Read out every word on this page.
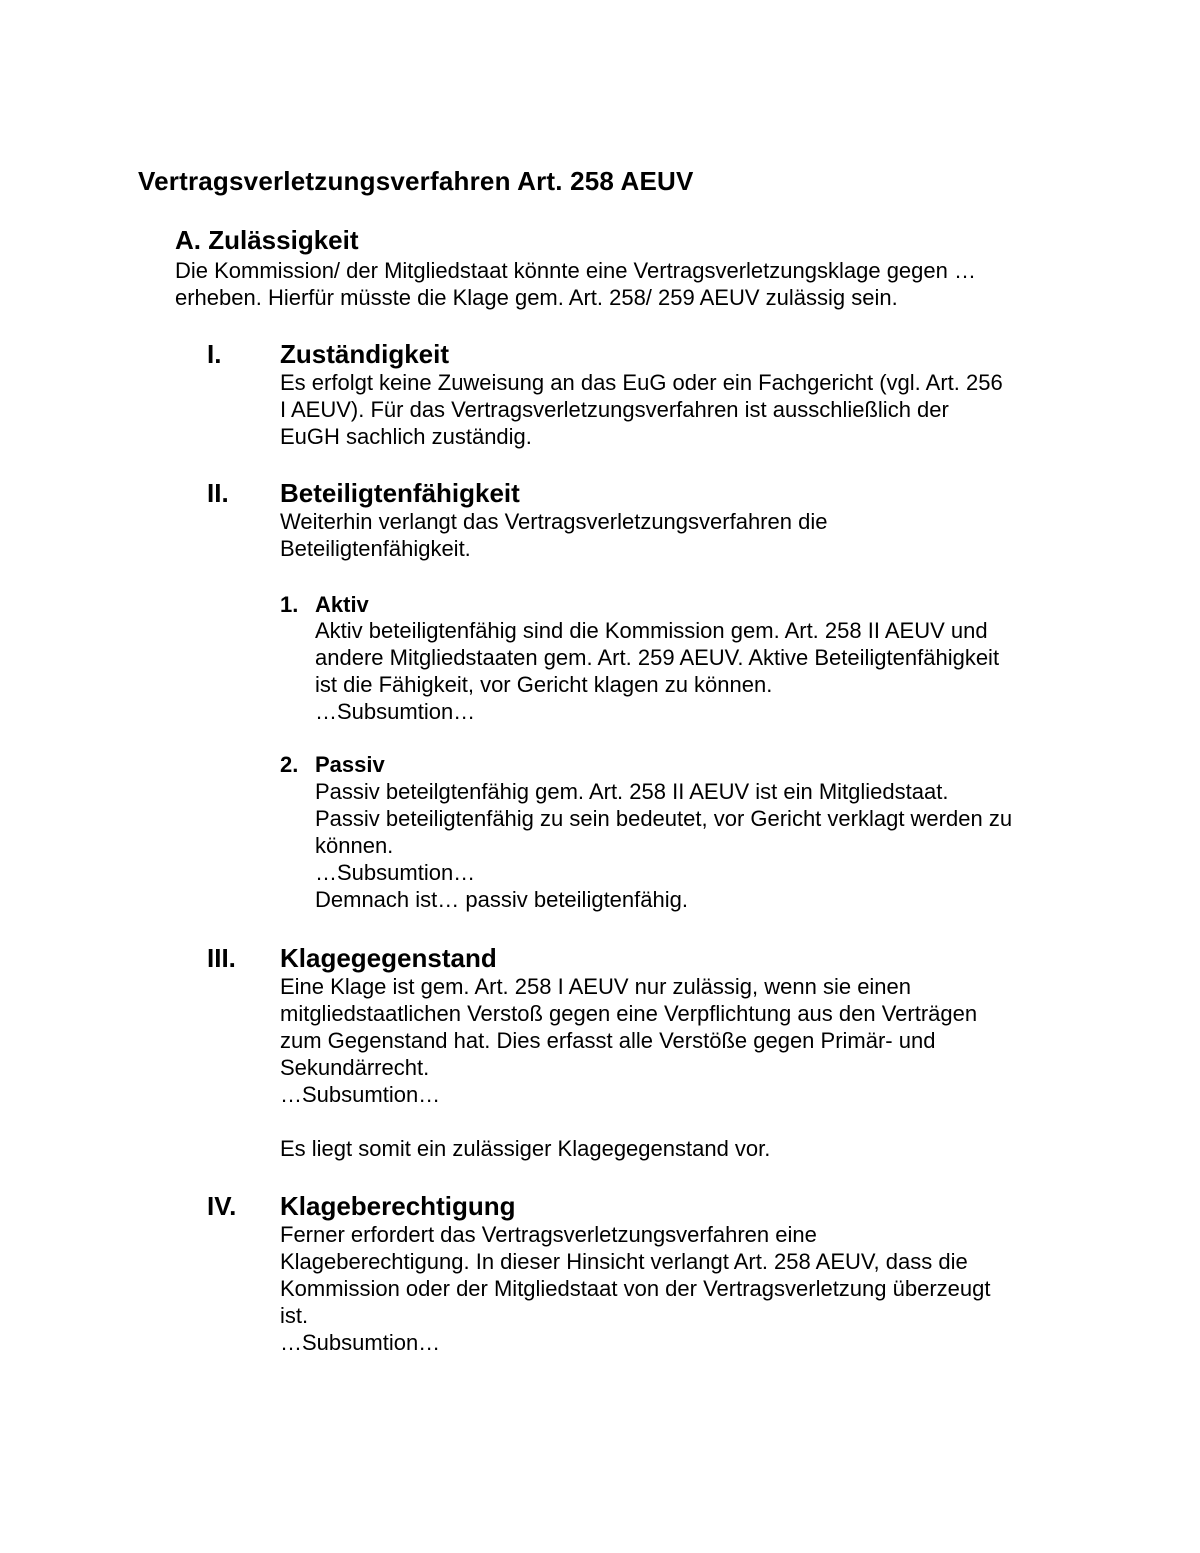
Vertragsverletzungsverfahren Art. 258 AEUV
A. Zulässigkeit
Die Kommission/ der Mitgliedstaat könnte eine Vertragsverletzungsklage gegen …
erheben. Hierfür müsste die Klage gem. Art. 258/ 259 AEUV zulässig sein.
I. Zuständigkeit
Es erfolgt keine Zuweisung an das EuG oder ein Fachgericht (vgl. Art. 256
I AEUV). Für das Vertragsverletzungsverfahren ist ausschließlich der
EuGH sachlich zuständig.
II. Beteiligtenfähigkeit
Weiterhin verlangt das Vertragsverletzungsverfahren die
Beteiligtenfähigkeit.
1. Aktiv
Aktiv beteiligtenfähig sind die Kommission gem. Art. 258 II AEUV und
andere Mitgliedstaaten gem. Art. 259 AEUV. Aktive Beteiligtenfähigkeit
ist die Fähigkeit, vor Gericht klagen zu können.
…Subsumtion…
2. Passiv
Passiv beteilgtenfähig gem. Art. 258 II AEUV ist ein Mitgliedstaat.
Passiv beteiligtenfähig zu sein bedeutet, vor Gericht verklagt werden zu
können.
…Subsumtion…
Demnach ist… passiv beteiligtenfähig.
III. Klagegegenstand
Eine Klage ist gem. Art. 258 I AEUV nur zulässig, wenn sie einen
mitgliedstaatlichen Verstoß gegen eine Verpflichtung aus den Verträgen
zum Gegenstand hat. Dies erfasst alle Verstöße gegen Primär- und
Sekundärrecht.
…Subsumtion…
Es liegt somit ein zulässiger Klagegegenstand vor.
IV. Klageberechtigung
Ferner erfordert das Vertragsverletzungsverfahren eine
Klageberechtigung. In dieser Hinsicht verlangt Art. 258 AEUV, dass die
Kommission oder der Mitgliedstaat von der Vertragsverletzung überzeugt
ist.
…Subsumtion…
